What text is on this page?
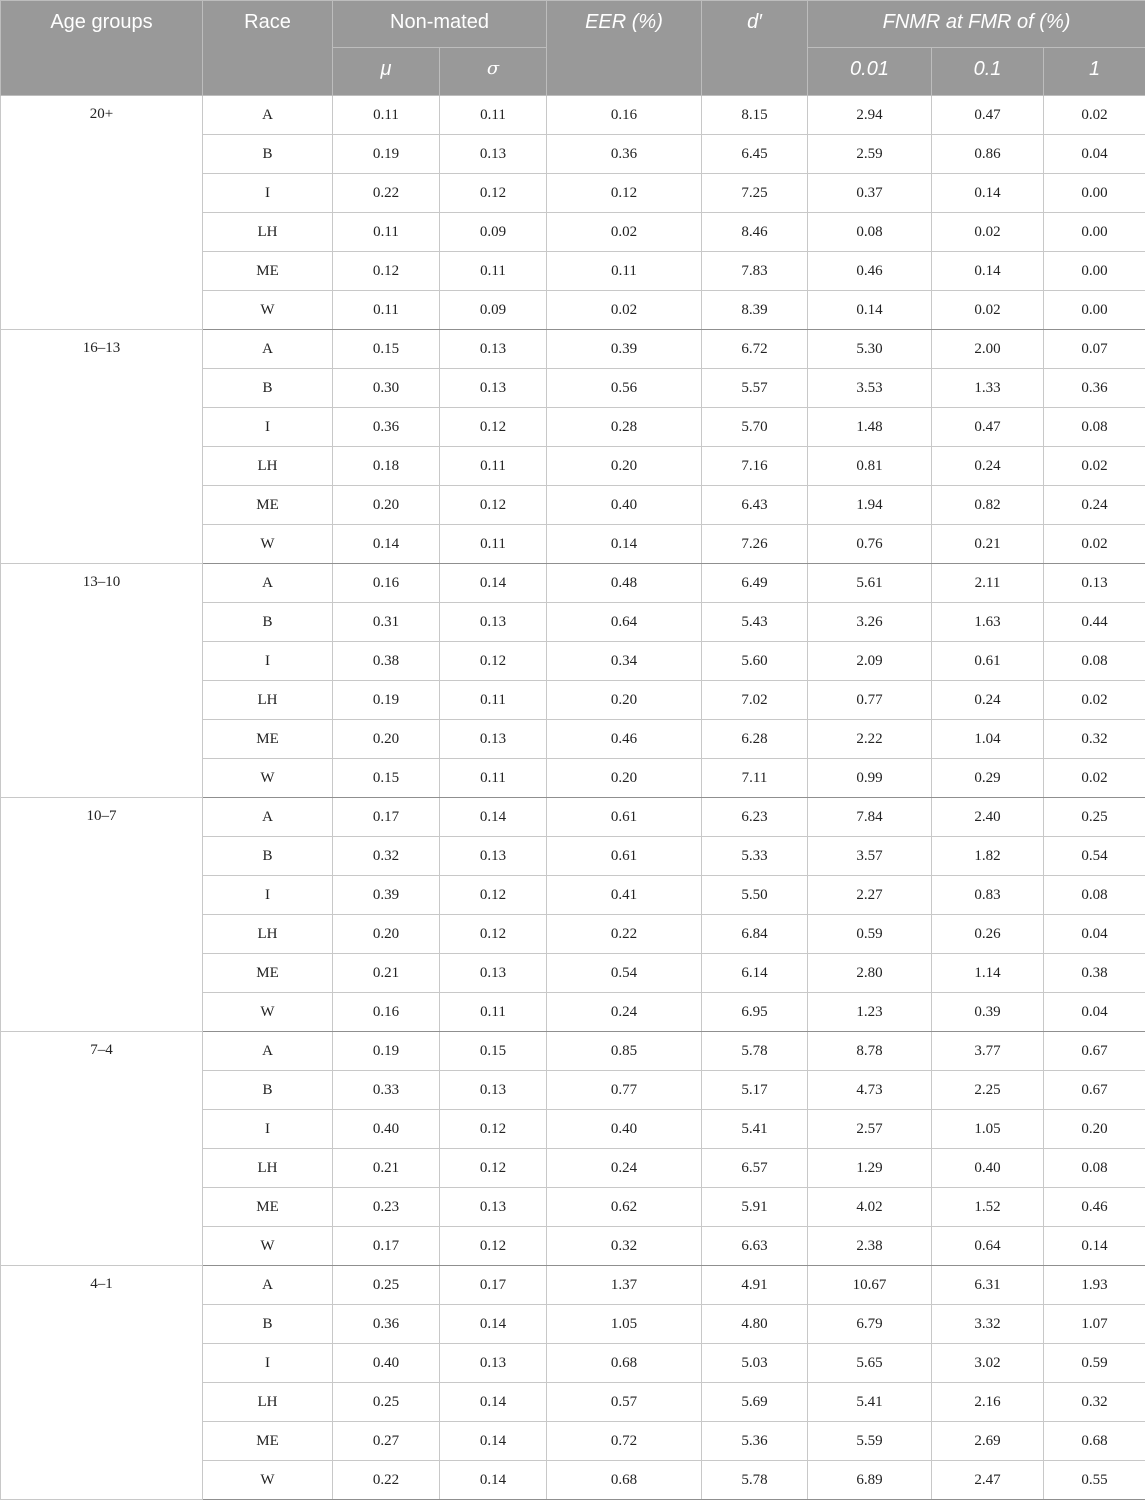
Age groups	Race	Non-mated		EER (%)	d′	FNMR at FMR of (%)		
		μ	σ			0.01	0.1	1
20+	A	0.11	0.11	0.16	8.15	2.94	0.47	0.02
	B	0.19	0.13	0.36	6.45	2.59	0.86	0.04
	I	0.22	0.12	0.12	7.25	0.37	0.14	0.00
	LH	0.11	0.09	0.02	8.46	0.08	0.02	0.00
	ME	0.12	0.11	0.11	7.83	0.46	0.14	0.00
	W	0.11	0.09	0.02	8.39	0.14	0.02	0.00
16–13	A	0.15	0.13	0.39	6.72	5.30	2.00	0.07
	B	0.30	0.13	0.56	5.57	3.53	1.33	0.36
	I	0.36	0.12	0.28	5.70	1.48	0.47	0.08
	LH	0.18	0.11	0.20	7.16	0.81	0.24	0.02
	ME	0.20	0.12	0.40	6.43	1.94	0.82	0.24
	W	0.14	0.11	0.14	7.26	0.76	0.21	0.02
13–10	A	0.16	0.14	0.48	6.49	5.61	2.11	0.13
	B	0.31	0.13	0.64	5.43	3.26	1.63	0.44
	I	0.38	0.12	0.34	5.60	2.09	0.61	0.08
	LH	0.19	0.11	0.20	7.02	0.77	0.24	0.02
	ME	0.20	0.13	0.46	6.28	2.22	1.04	0.32
	W	0.15	0.11	0.20	7.11	0.99	0.29	0.02
10–7	A	0.17	0.14	0.61	6.23	7.84	2.40	0.25
	B	0.32	0.13	0.61	5.33	3.57	1.82	0.54
	I	0.39	0.12	0.41	5.50	2.27	0.83	0.08
	LH	0.20	0.12	0.22	6.84	0.59	0.26	0.04
	ME	0.21	0.13	0.54	6.14	2.80	1.14	0.38
	W	0.16	0.11	0.24	6.95	1.23	0.39	0.04
7–4	A	0.19	0.15	0.85	5.78	8.78	3.77	0.67
	B	0.33	0.13	0.77	5.17	4.73	2.25	0.67
	I	0.40	0.12	0.40	5.41	2.57	1.05	0.20
	LH	0.21	0.12	0.24	6.57	1.29	0.40	0.08
	ME	0.23	0.13	0.62	5.91	4.02	1.52	0.46
	W	0.17	0.12	0.32	6.63	2.38	0.64	0.14
4–1	A	0.25	0.17	1.37	4.91	10.67	6.31	1.93
	B	0.36	0.14	1.05	4.80	6.79	3.32	1.07
	I	0.40	0.13	0.68	5.03	5.65	3.02	0.59
	LH	0.25	0.14	0.57	5.69	5.41	2.16	0.32
	ME	0.27	0.14	0.72	5.36	5.59	2.69	0.68
	W	0.22	0.14	0.68	5.78	6.89	2.47	0.55
